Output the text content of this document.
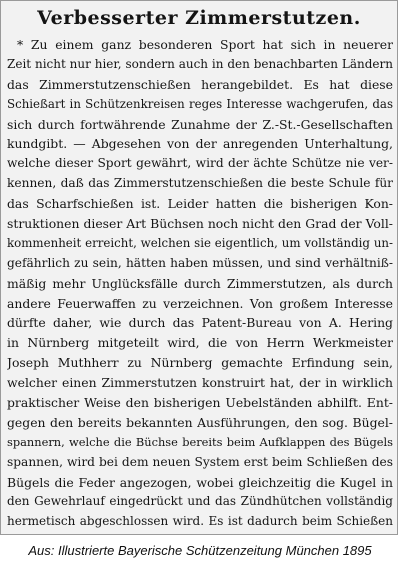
Verbesserter Zimmerstutzen.
* Zu einem ganz besonderen Sport hat sich in neuerer
Zeit nicht nur hier, sondern auch in den benachbarten Ländern
das Zimmerstutzenschießen herangebildet. Es hat diese
Schießart in Schützenkreisen reges Interesse wachgerufen, das
sich durch fortwährende Zunahme der Z.-St.-Gesellschaften
kundgibt. — Abgesehen von der anregenden Unterhaltung,
welche dieser Sport gewährt, wird der ächte Schütze nie ver-
kennen, daß das Zimmerstutzenschießen die beste Schule für
das Scharfschießen ist. Leider hatten die bisherigen Kon-
struktionen dieser Art Büchsen noch nicht den Grad der Voll-
kommenheit erreicht, welchen sie eigentlich, um vollständig un-
gefährlich zu sein, hätten haben müssen, und sind verhältniß-
mäßig mehr Unglücksfälle durch Zimmerstutzen, als durch
andere Feuerwaffen zu verzeichnen. Von großem Interesse
dürfte daher, wie durch das Patent-Bureau von A. Hering
in Nürnberg mitgeteilt wird, die von Herrn Werkmeister
Joseph Muthherr zu Nürnberg gemachte Erfindung sein,
welcher einen Zimmerstutzen konstruirt hat, der in wirklich
praktischer Weise den bisherigen Uebelständen abhilft. Ent-
gegen den bereits bekannten Ausführungen, den sog. Bügel-
spannern, welche die Büchse bereits beim Aufklappen des Bügels
spannen, wird bei dem neuen System erst beim Schließen des
Bügels die Feder angezogen, wobei gleichzeitig die Kugel in
den Gewehrlauf eingedrückt und das Zündhütchen vollständig
hermetisch abgeschlossen wird. Es ist dadurch beim Schießen
Aus: Illustrierte Bayerische Schützenzeitung München 1895
